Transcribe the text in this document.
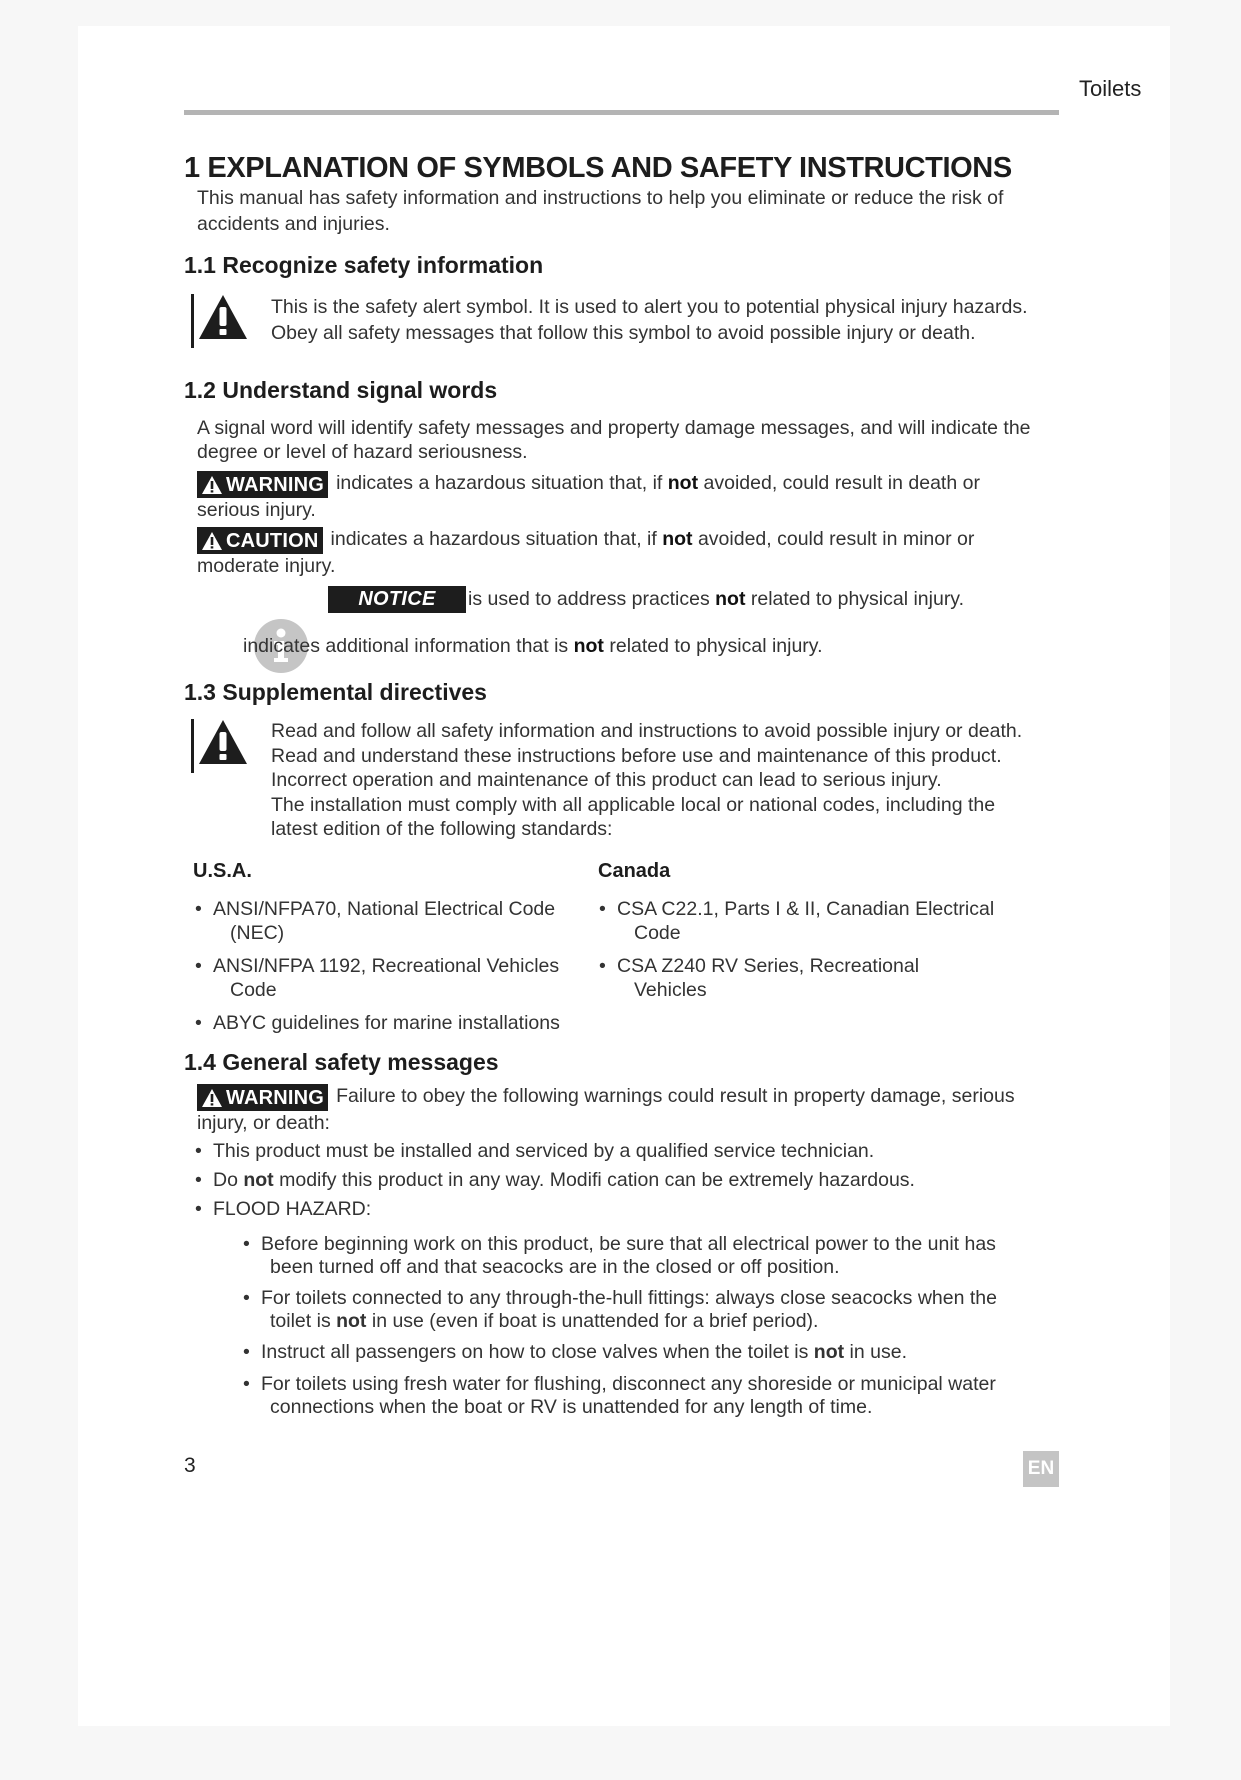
Toilets
1 EXPLANATION OF SYMBOLS AND SAFETY INSTRUCTIONS
This manual has safety information and instructions to help you eliminate or reduce the risk of
accidents and injuries.
1.1 Recognize safety information
This is the safety alert symbol. It is used to alert you to potential physical injury hazards.
Obey all safety messages that follow this symbol to avoid possible injury or death.
1.2 Understand signal words
A signal word will identify safety messages and property damage messages, and will indicate the
degree or level of hazard seriousness.
WARNING indicates a hazardous situation that, if not avoided, could result in death or
serious injury.
CAUTION indicates a hazardous situation that, if not avoided, could result in minor or
moderate injury.
NOTICE is used to address practices not related to physical injury.
indicates additional information that is not related to physical injury.
1.3 Supplemental directives
Read and follow all safety information and instructions to avoid possible injury or death.
Read and understand these instructions before use and maintenance of this product.
Incorrect operation and maintenance of this product can lead to serious injury.
The installation must comply with all applicable local or national codes, including the
latest edition of the following standards:
U.S.A.
• ANSI/NFPA70, National Electrical Code
(NEC)
• ANSI/NFPA 1192, Recreational Vehicles
Code
• ABYC guidelines for marine installations
Canada
• CSA C22.1, Parts I & II, Canadian Electrical
Code
• CSA Z240 RV Series, Recreational
Vehicles
1.4 General safety messages
WARNING Failure to obey the following warnings could result in property damage, serious
injury, or death:
• This product must be installed and serviced by a qualified service technician.
• Do not modify this product in any way. Modifi cation can be extremely hazardous.
• FLOOD HAZARD:
• Before beginning work on this product, be sure that all electrical power to the unit has
been turned off and that seacocks are in the closed or off position.
• For toilets connected to any through-the-hull fittings: always close seacocks when the
toilet is not in use (even if boat is unattended for a brief period).
• Instruct all passengers on how to close valves when the toilet is not in use.
• For toilets using fresh water for flushing, disconnect any shoreside or municipal water
connections when the boat or RV is unattended for any length of time.
3	EN
